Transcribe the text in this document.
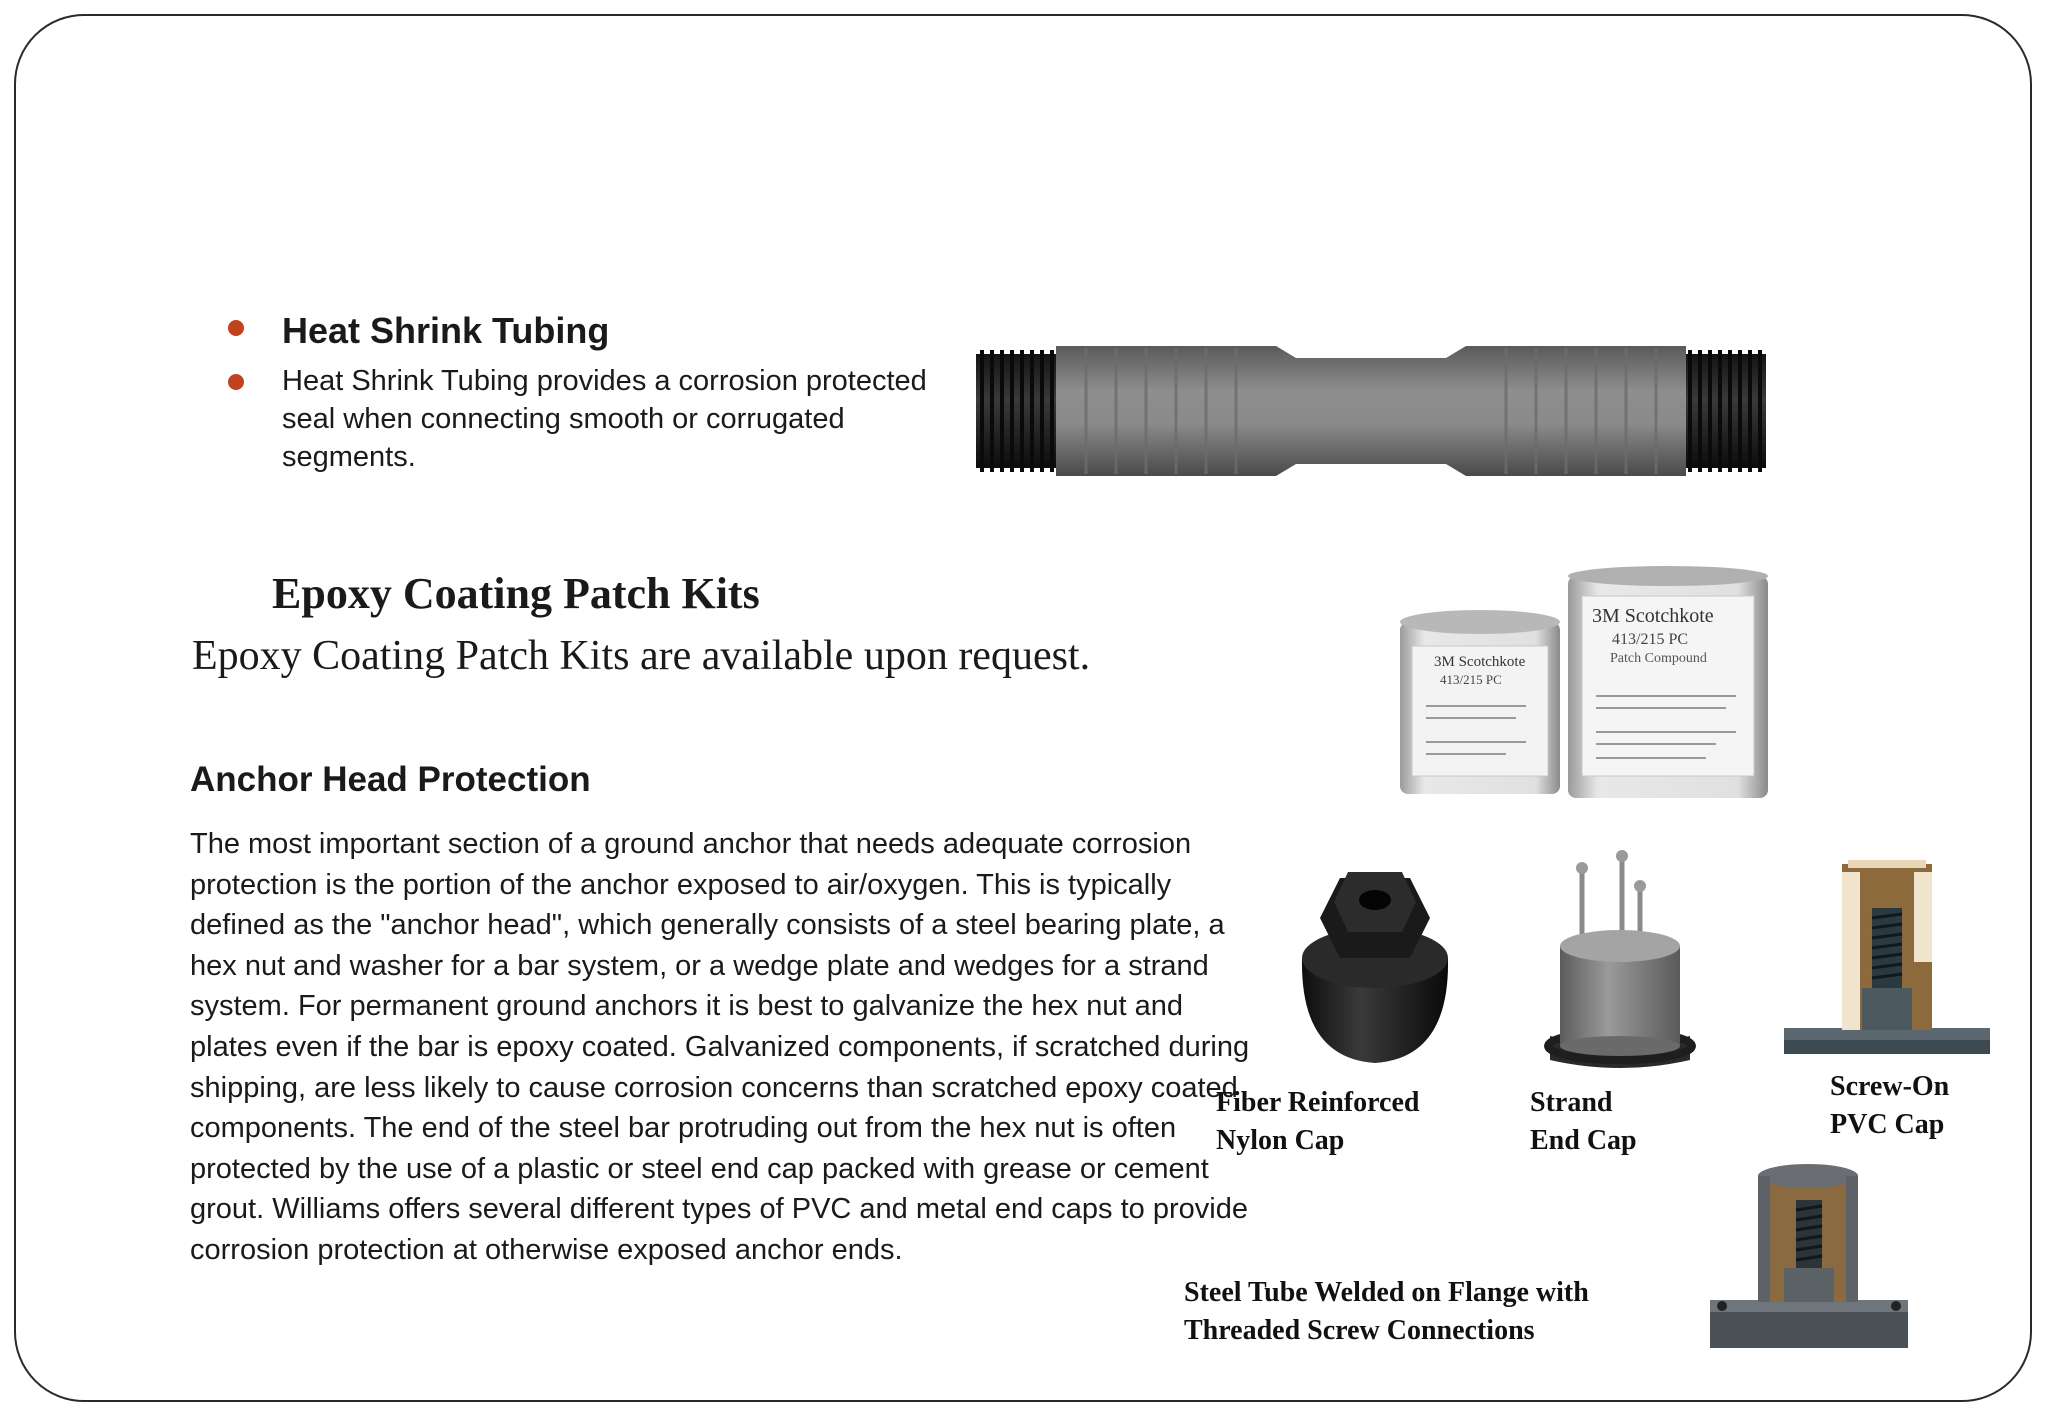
Heat Shrink Tubing
Heat Shrink Tubing provides a corrosion protected seal when connecting smooth or corrugated segments.
Epoxy Coating Patch Kits
Epoxy Coating Patch Kits are available upon request.	3M Scotchkote
413/215 PC
3M Scotchkote
413/215 PC
Patch Compound
Anchor Head Protection
The most important section of a ground anchor that needs adequate corrosion protection is the portion of the anchor exposed to air/oxygen. This is typically defined as the "anchor head", which generally consists of a steel bearing plate, a hex nut and washer for a bar system, or a wedge plate and wedges for a strand system. For permanent ground anchors it is best to galvanize the hex nut and plates even if the bar is epoxy coated. Galvanized components, if scratched during shipping, are less likely to cause corrosion concerns than scratched epoxy coated components. The end of the steel bar protruding out from the hex nut is often protected by the use of a plastic or steel end cap packed with grease or cement grout. Williams offers several different types of PVC and metal end caps to provide corrosion protection at otherwise exposed anchor ends.
Fiber Reinforced
Nylon Cap
Strand
End Cap
Screw-On
PVC Cap
Steel Tube Welded on Flange with
Threaded Screw Connections
